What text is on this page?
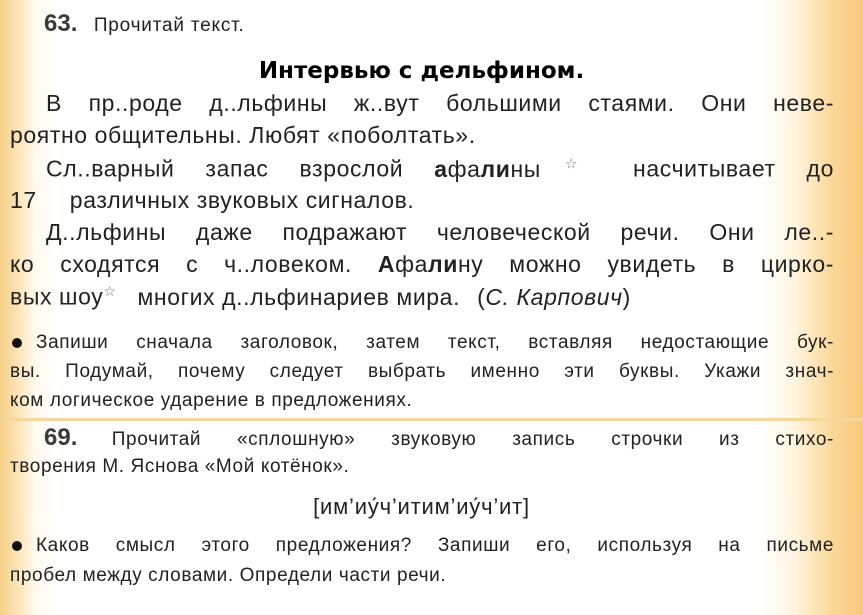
63. Прочитай текст.
Интервью с дельфином.
В пр..роде д..льфины ж..вут большими стаями. Они неве-
роятно общительны. Любят «поболтать».
Сл..варный запас взрослой афалины☆ насчитывает до
17 различных звуковых сигналов.
Д..льфины даже подражают человеческой речи. Они ле..-
ко сходятся с ч..ловеком. Афалину можно увидеть в цирко-
вых шоу☆ многих д..льфинариев мира. (С. Карпович)
Запиши сначала заголовок, затем текст, вставляя недостающие бук-
вы. Подумай, почему следует выбрать именно эти буквы. Укажи знач-
ком логическое ударение в предложениях.
69. Прочитай «сплошную» звуковую запись строчки из стихо-
творения М. Яснова «Мой котёнок».
[им’иу́ч’итим’иу́ч’ит]
Каков смысл этого предложения? Запиши его, используя на письме
пробел между словами. Определи части речи.
